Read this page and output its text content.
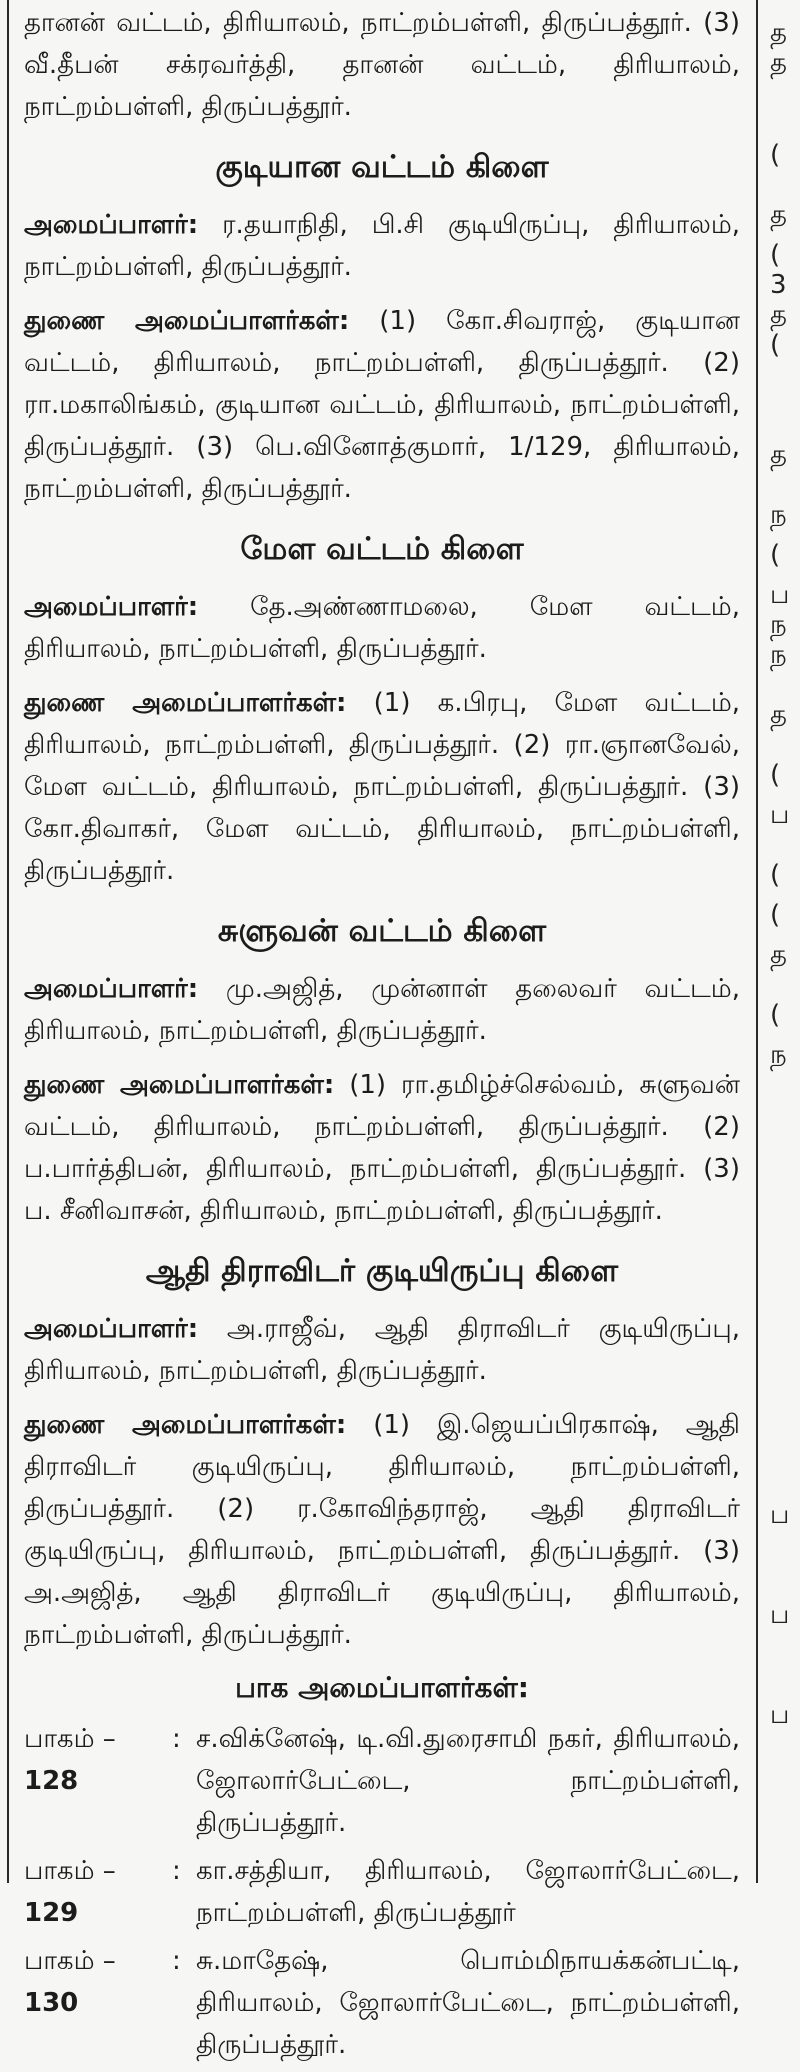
தானன் வட்டம், திரியாலம், நாட்றம்பள்ளி, திருப்பத்தூர். (3) வீ.தீபன் சக்ரவர்த்தி, தானன் வட்டம், திரியாலம், நாட்றம்பள்ளி, திருப்பத்தூர்.

குடியான வட்டம் கிளை

அமைப்பாளர்: ர.தயாநிதி, பி.சி குடியிருப்பு, திரியாலம், நாட்றம்பள்ளி, திருப்பத்தூர்.

துணை அமைப்பாளர்கள்: (1) கோ.சிவராஜ், குடியான வட்டம், திரியாலம், நாட்றம்பள்ளி, திருப்பத்தூர். (2) ரா.மகாலிங்கம், குடியான வட்டம், திரியாலம், நாட்றம்பள்ளி, திருப்பத்தூர். (3) பெ.வினோத்குமார், 1/129, திரியாலம், நாட்றம்பள்ளி, திருப்பத்தூர்.

மேள வட்டம் கிளை

அமைப்பாளர்: தே.அண்ணாமலை, மேள வட்டம், திரியாலம், நாட்றம்பள்ளி, திருப்பத்தூர்.

துணை அமைப்பாளர்கள்: (1) க.பிரபு, மேள வட்டம், திரியாலம், நாட்றம்பள்ளி, திருப்பத்தூர். (2) ரா.ஞானவேல், மேள வட்டம், திரியாலம், நாட்றம்பள்ளி, திருப்பத்தூர். (3) கோ.திவாகர், மேள வட்டம், திரியாலம், நாட்றம்பள்ளி, திருப்பத்தூர்.

சுளுவன் வட்டம் கிளை

அமைப்பாளர்: மு.அஜித், முன்னாள் தலைவர் வட்டம், திரியாலம், நாட்றம்பள்ளி, திருப்பத்தூர்.

துணை அமைப்பாளர்கள்: (1) ரா.தமிழ்ச்செல்வம், சுளுவன் வட்டம், திரியாலம், நாட்றம்பள்ளி, திருப்பத்தூர். (2) ப.பார்த்திபன், திரியாலம், நாட்றம்பள்ளி, திருப்பத்தூர். (3) ப. சீனிவாசன், திரியாலம், நாட்றம்பள்ளி, திருப்பத்தூர்.

ஆதி திராவிடர் குடியிருப்பு கிளை

அமைப்பாளர்: அ.ராஜீவ், ஆதி திராவிடர் குடியிருப்பு, திரியாலம், நாட்றம்பள்ளி, திருப்பத்தூர்.

துணை அமைப்பாளர்கள்: (1) இ.ஜெயப்பிரகாஷ், ஆதி திராவிடர் குடியிருப்பு, திரியாலம், நாட்றம்பள்ளி, திருப்பத்தூர். (2) ர.கோவிந்தராஜ், ஆதி திராவிடர் குடியிருப்பு, திரியாலம், நாட்றம்பள்ளி, திருப்பத்தூர். (3) அ.அஜித், ஆதி திராவிடர் குடியிருப்பு, திரியாலம், நாட்றம்பள்ளி, திருப்பத்தூர்.

பாக அமைப்பாளர்கள்:
பாகம் – 128
: ச.விக்னேஷ், டி.வி.துரைசாமி நகர், திரியாலம், ஜோலார்பேட்டை, நாட்றம்பள்ளி, திருப்பத்தூர்.
பாகம் – 129
: கா.சத்தியா, திரியாலம், ஜோலார்பேட்டை, நாட்றம்பள்ளி, திருப்பத்தூர்
பாகம் – 130
: சு.மாதேஷ், பொம்மிநாயக்கன்பட்டி, திரியாலம், ஜோலார்பேட்டை, நாட்றம்பள்ளி, திருப்பத்தூர்.
த
த
(
த
(
3
த
(
த
ந
(
ப
ந
ந
த
(
ப
(
(
த
(
ந
ப
ப
ப
